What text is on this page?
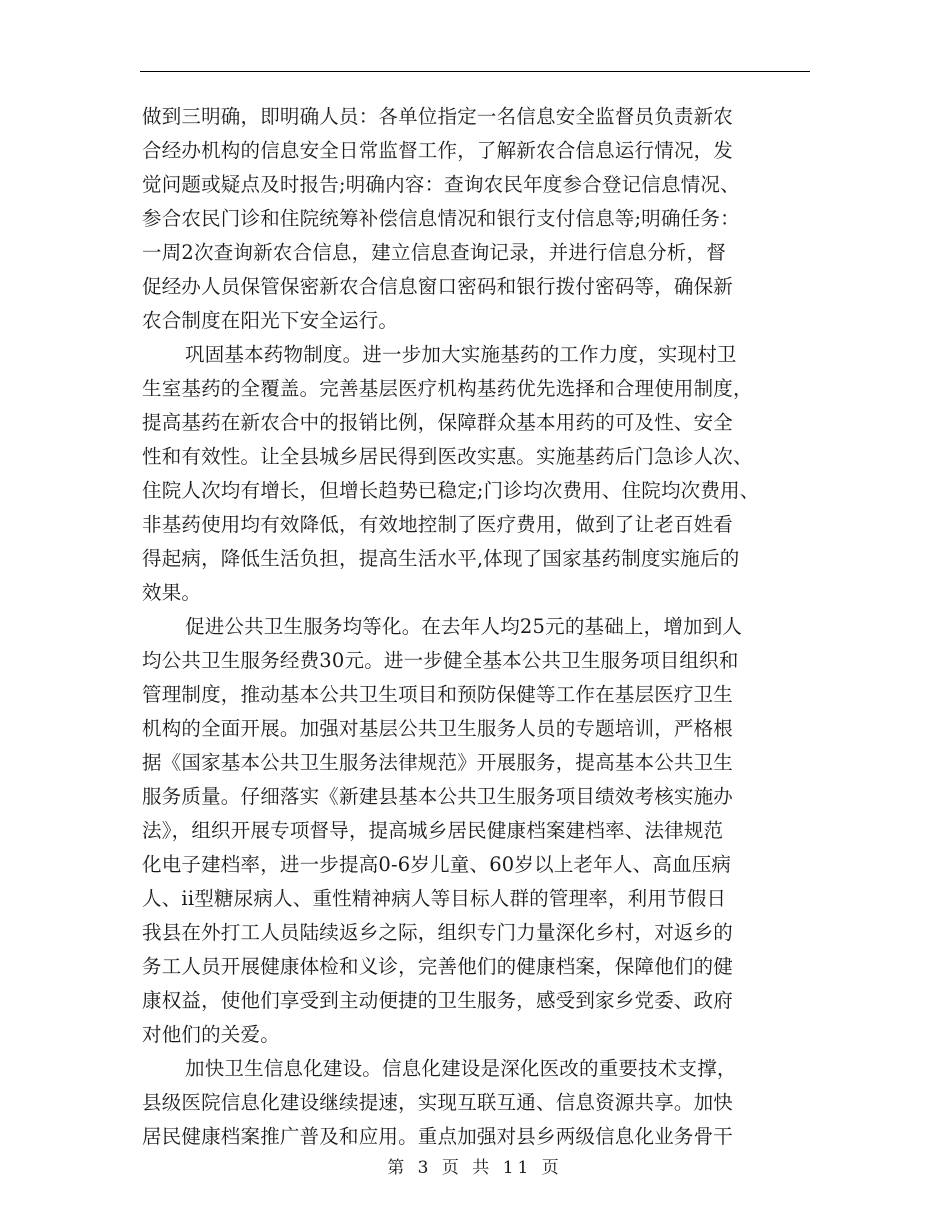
做到三明确，即明确人员：各单位指定一名信息安全监督员负责新农
合经办机构的信息安全日常监督工作，了解新农合信息运行情况，发
觉问题或疑点及时报告;明确内容：查询农民年度参合登记信息情况、
参合农民门诊和住院统筹补偿信息情况和银行支付信息等;明确任务：
一周2次查询新农合信息，建立信息查询记录，并进行信息分析，督
促经办人员保管保密新农合信息窗口密码和银行拨付密码等，确保新
农合制度在阳光下安全运行。
巩固基本药物制度。进一步加大实施基药的工作力度，实现村卫
生室基药的全覆盖。完善基层医疗机构基药优先选择和合理使用制度，
提高基药在新农合中的报销比例，保障群众基本用药的可及性、安全
性和有效性。让全县城乡居民得到医改实惠。实施基药后门急诊人次、
住院人次均有增长，但增长趋势已稳定;门诊均次费用、住院均次费用、
非基药使用均有效降低，有效地控制了医疗费用，做到了让老百姓看
得起病，降低生活负担，提高生活水平,体现了国家基药制度实施后的
效果。
促进公共卫生服务均等化。在去年人均25元的基础上，增加到人
均公共卫生服务经费30元。进一步健全基本公共卫生服务项目组织和
管理制度，推动基本公共卫生项目和预防保健等工作在基层医疗卫生
机构的全面开展。加强对基层公共卫生服务人员的专题培训，严格根
据《国家基本公共卫生服务法律规范》开展服务，提高基本公共卫生
服务质量。仔细落实《新建县基本公共卫生服务项目绩效考核实施办
法》，组织开展专项督导，提高城乡居民健康档案建档率、法律规范
化电子建档率，进一步提高0-6岁儿童、60岁以上老年人、高血压病
人、ii型糖尿病人、重性精神病人等目标人群的管理率，利用节假日
我县在外打工人员陆续返乡之际，组织专门力量深化乡村，对返乡的
务工人员开展健康体检和义诊，完善他们的健康档案，保障他们的健
康权益，使他们享受到主动便捷的卫生服务，感受到家乡党委、政府
对他们的关爱。
加快卫生信息化建设。信息化建设是深化医改的重要技术支撑，
县级医院信息化建设继续提速，实现互联互通、信息资源共享。加快
居民健康档案推广普及和应用。重点加强对县乡两级信息化业务骨干
第 3 页 共 11 页
